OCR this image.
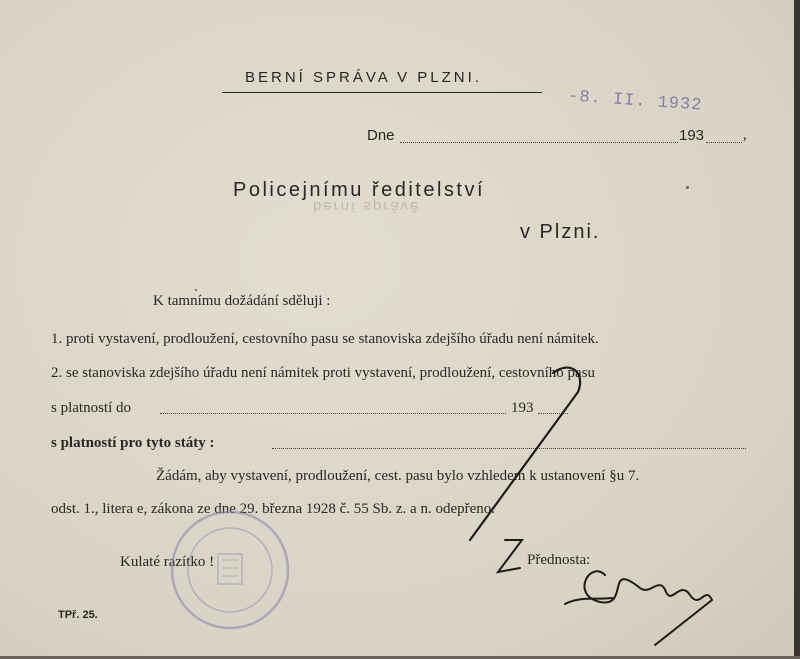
berní správě
BERNÍ SPRÁVA V PLZNI.
Dne	193	,
-8. II. 1932
Policejnímu ředitelství
v Plzni.
K tamnímu dožádání sděluji :
1. proti vystavení, prodloužení, cestovního pasu se stanoviska zdejšího úřadu není námitek.
2. se stanoviska zdejšího úřadu není námitek proti vystavení, prodloužení, cestovního pasu
s platností do	193
s platností pro tyto státy :
Žádám, aby vystavení, prodloužení, cest. pasu bylo vzhledem k ustanovení §u 7.
odst. 1., litera e, zákona ze dne 29. března 1928 č. 55 Sb. z. a n. odepřeno.
Kulaté razítko !	Přednosta:
TPř. 25.
